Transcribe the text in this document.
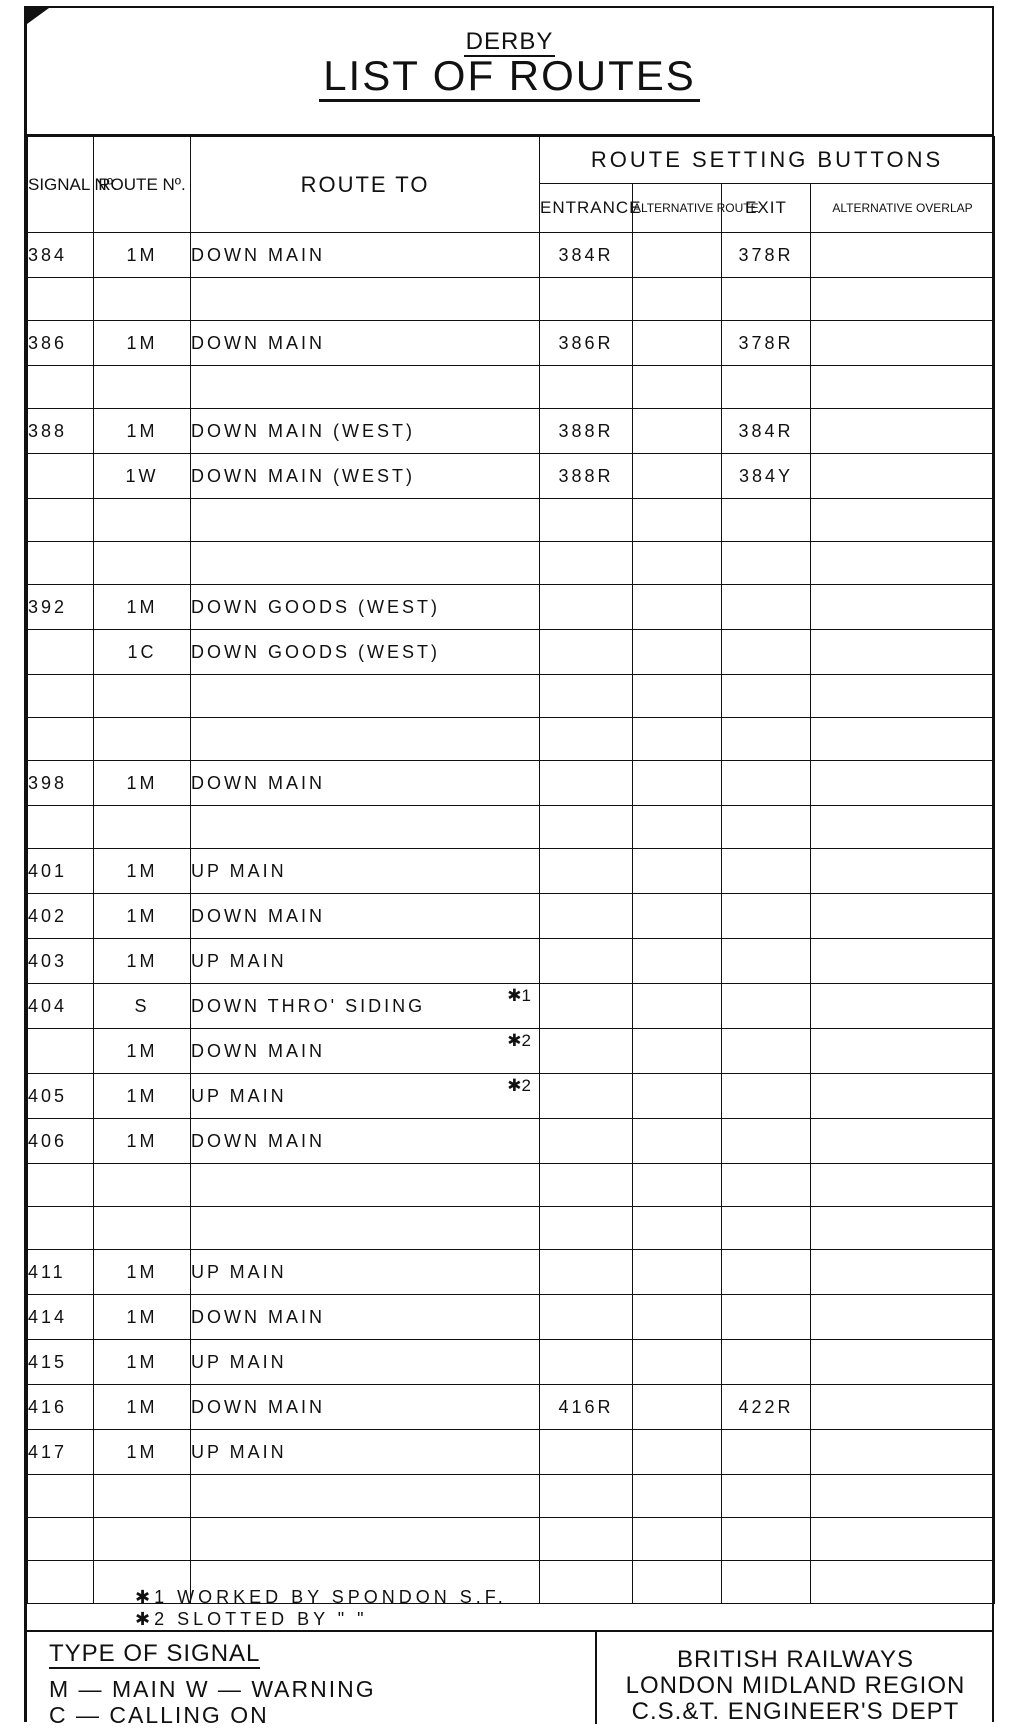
DERBY
LIST OF ROUTES
SIGNAL Nº.	ROUTE Nº.	ROUTE TO	ROUTE SETTING BUTTONS			
			ENTRANCE	ALTERNATIVE ROUTE	EXIT	ALTERNATIVE OVERLAP
384	1M	DOWN MAIN	384R		378R	

386	1M	DOWN MAIN	386R		378R	

388	1M	DOWN MAIN (WEST)	388R		384R	
	1W	DOWN MAIN (WEST)	388R		384Y	

392	1M	DOWN GOODS (WEST)

	1C	DOWN GOODS (WEST)

398	1M	DOWN MAIN

401	1M	UP MAIN

402	1M	DOWN MAIN

403	1M	UP MAIN

404	S	DOWN THRO' SIDING ✱1				

	1M	DOWN MAIN ✱2				

405	1M	UP MAIN ✱2				

406	1M	DOWN MAIN

411	1M	UP MAIN

414	1M	DOWN MAIN

415	1M	UP MAIN

416	1M	DOWN MAIN	416R		422R	
417	1M	UP MAIN

✱1 WORKED BY SPONDON S.F.
✱2 SLOTTED BY " "
TYPE OF SIGNAL
M — MAIN W — WARNING
C — CALLING ON
BRITISH RAILWAYS
LONDON MIDLAND REGION
C.S.&T. ENGINEER'S DEPT
